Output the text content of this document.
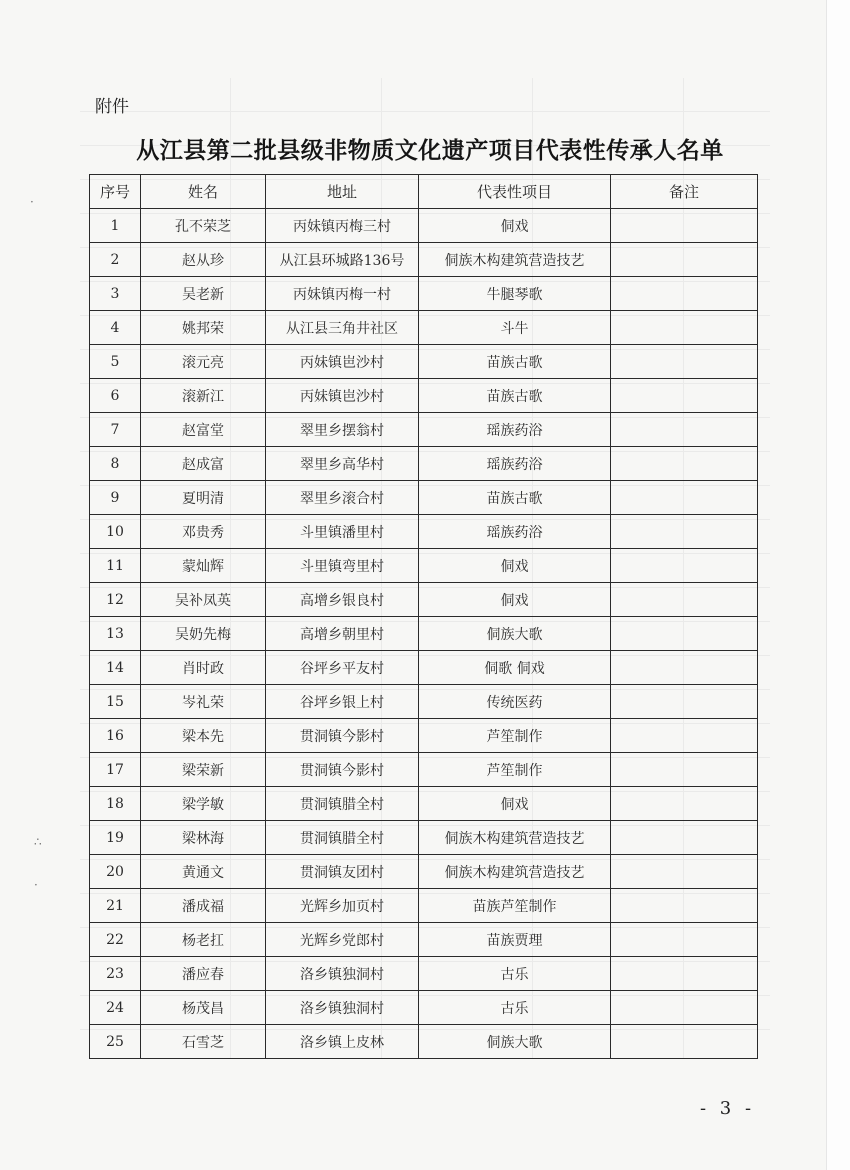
·
∴
·
附件
从江县第二批县级非物质文化遗产项目代表性传承人名单
序号	姓名	地址	代表性项目	备注
1	孔不荣芝	丙妹镇丙梅三村	侗戏	
2	赵从珍	从江县环城路136号	侗族木构建筑营造技艺	
3	吴老新	丙妹镇丙梅一村	牛腿琴歌	
4	姚邦荣	从江县三角井社区	斗牛	
5	滚元亮	丙妹镇岜沙村	苗族古歌	
6	滚新江	丙妹镇岜沙村	苗族古歌	
7	赵富堂	翠里乡摆翁村	瑶族药浴	
8	赵成富	翠里乡高华村	瑶族药浴	
9	夏明清	翠里乡滚合村	苗族古歌	
10	邓贵秀	斗里镇潘里村	瑶族药浴	
11	蒙灿辉	斗里镇弯里村	侗戏	
12	吴补凤英	高增乡银良村	侗戏	
13	吴奶先梅	高增乡朝里村	侗族大歌	
14	肖时政	谷坪乡平友村	侗歌 侗戏	
15	岑礼荣	谷坪乡银上村	传统医药	
16	梁本先	贯洞镇今影村	芦笙制作	
17	梁荣新	贯洞镇今影村	芦笙制作	
18	梁学敏	贯洞镇腊全村	侗戏	
19	梁林海	贯洞镇腊全村	侗族木构建筑营造技艺	
20	黄通文	贯洞镇友团村	侗族木构建筑营造技艺	
21	潘成福	光辉乡加页村	苗族芦笙制作	
22	杨老扛	光辉乡党郎村	苗族贾理	
23	潘应春	洛乡镇独洞村	古乐	
24	杨茂昌	洛乡镇独洞村	古乐	
25	石雪芝	洛乡镇上皮林	侗族大歌	
- 3 -
